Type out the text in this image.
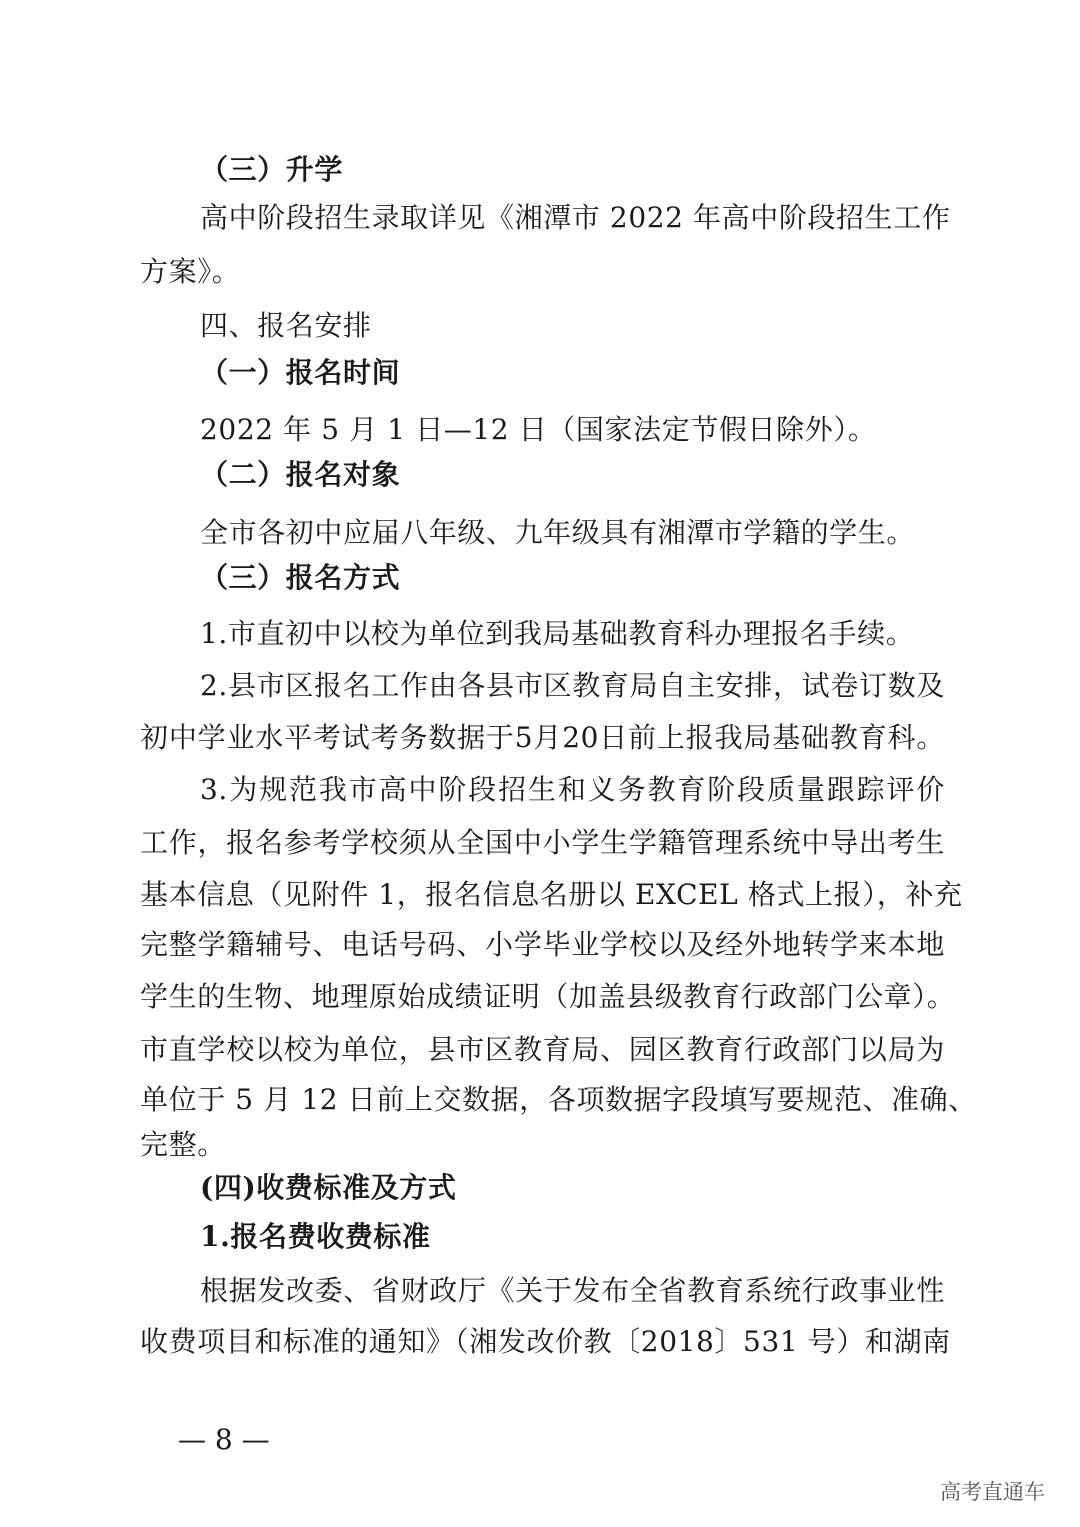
（三）升学
高中阶段招生录取详见《湘潭市 2022 年高中阶段招生工作
方案》。
四、报名安排
（一）报名时间
2022 年 5 月 1 日—12 日（国家法定节假日除外）。
（二）报名对象
全市各初中应届八年级、九年级具有湘潭市学籍的学生。
（三）报名方式
1.市直初中以校为单位到我局基础教育科办理报名手续。
2.县市区报名工作由各县市区教育局自主安排，试卷订数及
初中学业水平考试考务数据于5月20日前上报我局基础教育科。
3.为规范我市高中阶段招生和义务教育阶段质量跟踪评价
工作，报名参考学校须从全国中小学生学籍管理系统中导出考生
基本信息（见附件 1，报名信息名册以 EXCEL 格式上报），补充
完整学籍辅号、电话号码、小学毕业学校以及经外地转学来本地
学生的生物、地理原始成绩证明（加盖县级教育行政部门公章）。
市直学校以校为单位，县市区教育局、园区教育行政部门以局为
单位于 5 月 12 日前上交数据，各项数据字段填写要规范、准确、
完整。
(四)收费标准及方式
1.报名费收费标准
根据发改委、省财政厅《关于发布全省教育系统行政事业性
收费项目和标准的通知》（湘发改价教〔2018〕531 号）和湖南
— 8 —
高考直通车
